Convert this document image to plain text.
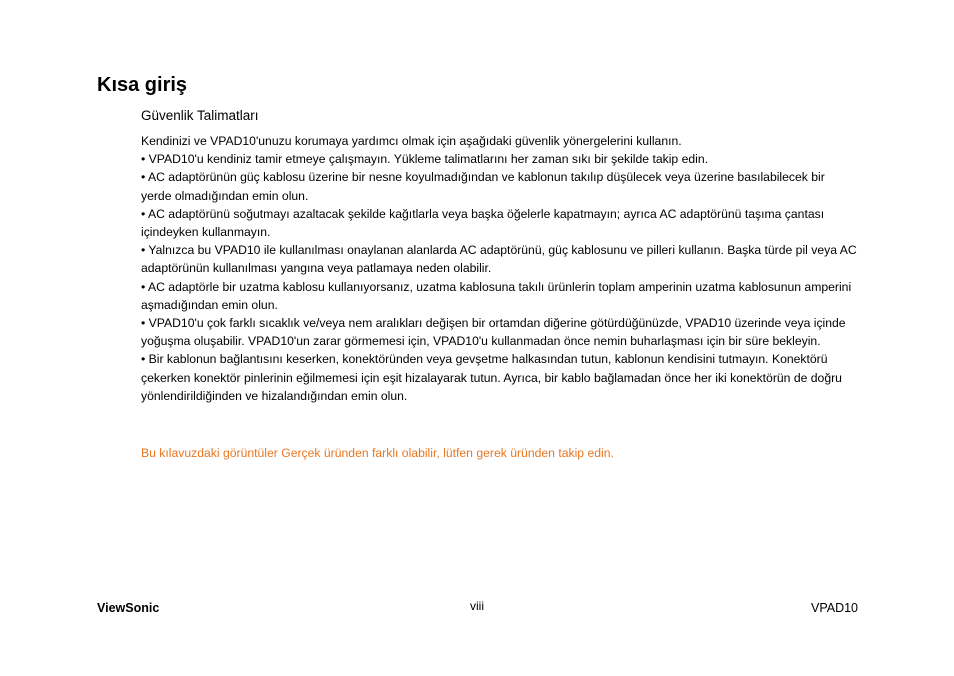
Kısa giriş
Güvenlik Talimatları

Kendinizi ve VPAD10'unuzu korumaya yardımcı olmak için aşağıdaki güvenlik yönergelerini kullanın.

• VPAD10'u kendiniz tamir etmeye çalışmayın. Yükleme talimatlarını her zaman sıkı bir şekilde takip edin.

• AC adaptörünün güç kablosu üzerine bir nesne koyulmadığından ve kablonun takılıp düşülecek veya üzerine basılabilecek bir yerde olmadığından emin olun.

• AC adaptörünü soğutmayı azaltacak şekilde kağıtlarla veya başka öğelerle kapatmayın; ayrıca AC adaptörünü taşıma çantası içindeyken kullanmayın.

• Yalnızca bu VPAD10 ile kullanılması onaylanan alanlarda AC adaptörünü, güç kablosunu ve pilleri kullanın. Başka türde pil veya AC adaptörünün kullanılması yangına veya patlamaya neden olabilir.

• AC adaptörle bir uzatma kablosu kullanıyorsanız, uzatma kablosuna takılı ürünlerin toplam amperinin uzatma kablosunun amperini aşmadığından emin olun.

• VPAD10'u çok farklı sıcaklık ve/veya nem aralıkları değişen bir ortamdan diğerine götürdüğünüzde, VPAD10 üzerinde veya içinde yoğuşma oluşabilir. VPAD10'un zarar görmemesi için, VPAD10'u kullanmadan önce nemin buharlaşması için bir süre bekleyin.

• Bir kablonun bağlantısını keserken, konektöründen veya gevşetme halkasından tutun, kablonun kendisini tutmayın. Konektörü çekerken konektör pinlerinin eğilmemesi için eşit hizalayarak tutun. Ayrıca, bir kablo bağlamadan önce her iki konektörün de doğru yönlendirildiğinden ve hizalandığından emin olun.

Bu kılavuzdaki görüntüler Gerçek üründen farklı olabilir, lütfen gerek üründen takip edin.

ViewSonic	viii	VPAD10
